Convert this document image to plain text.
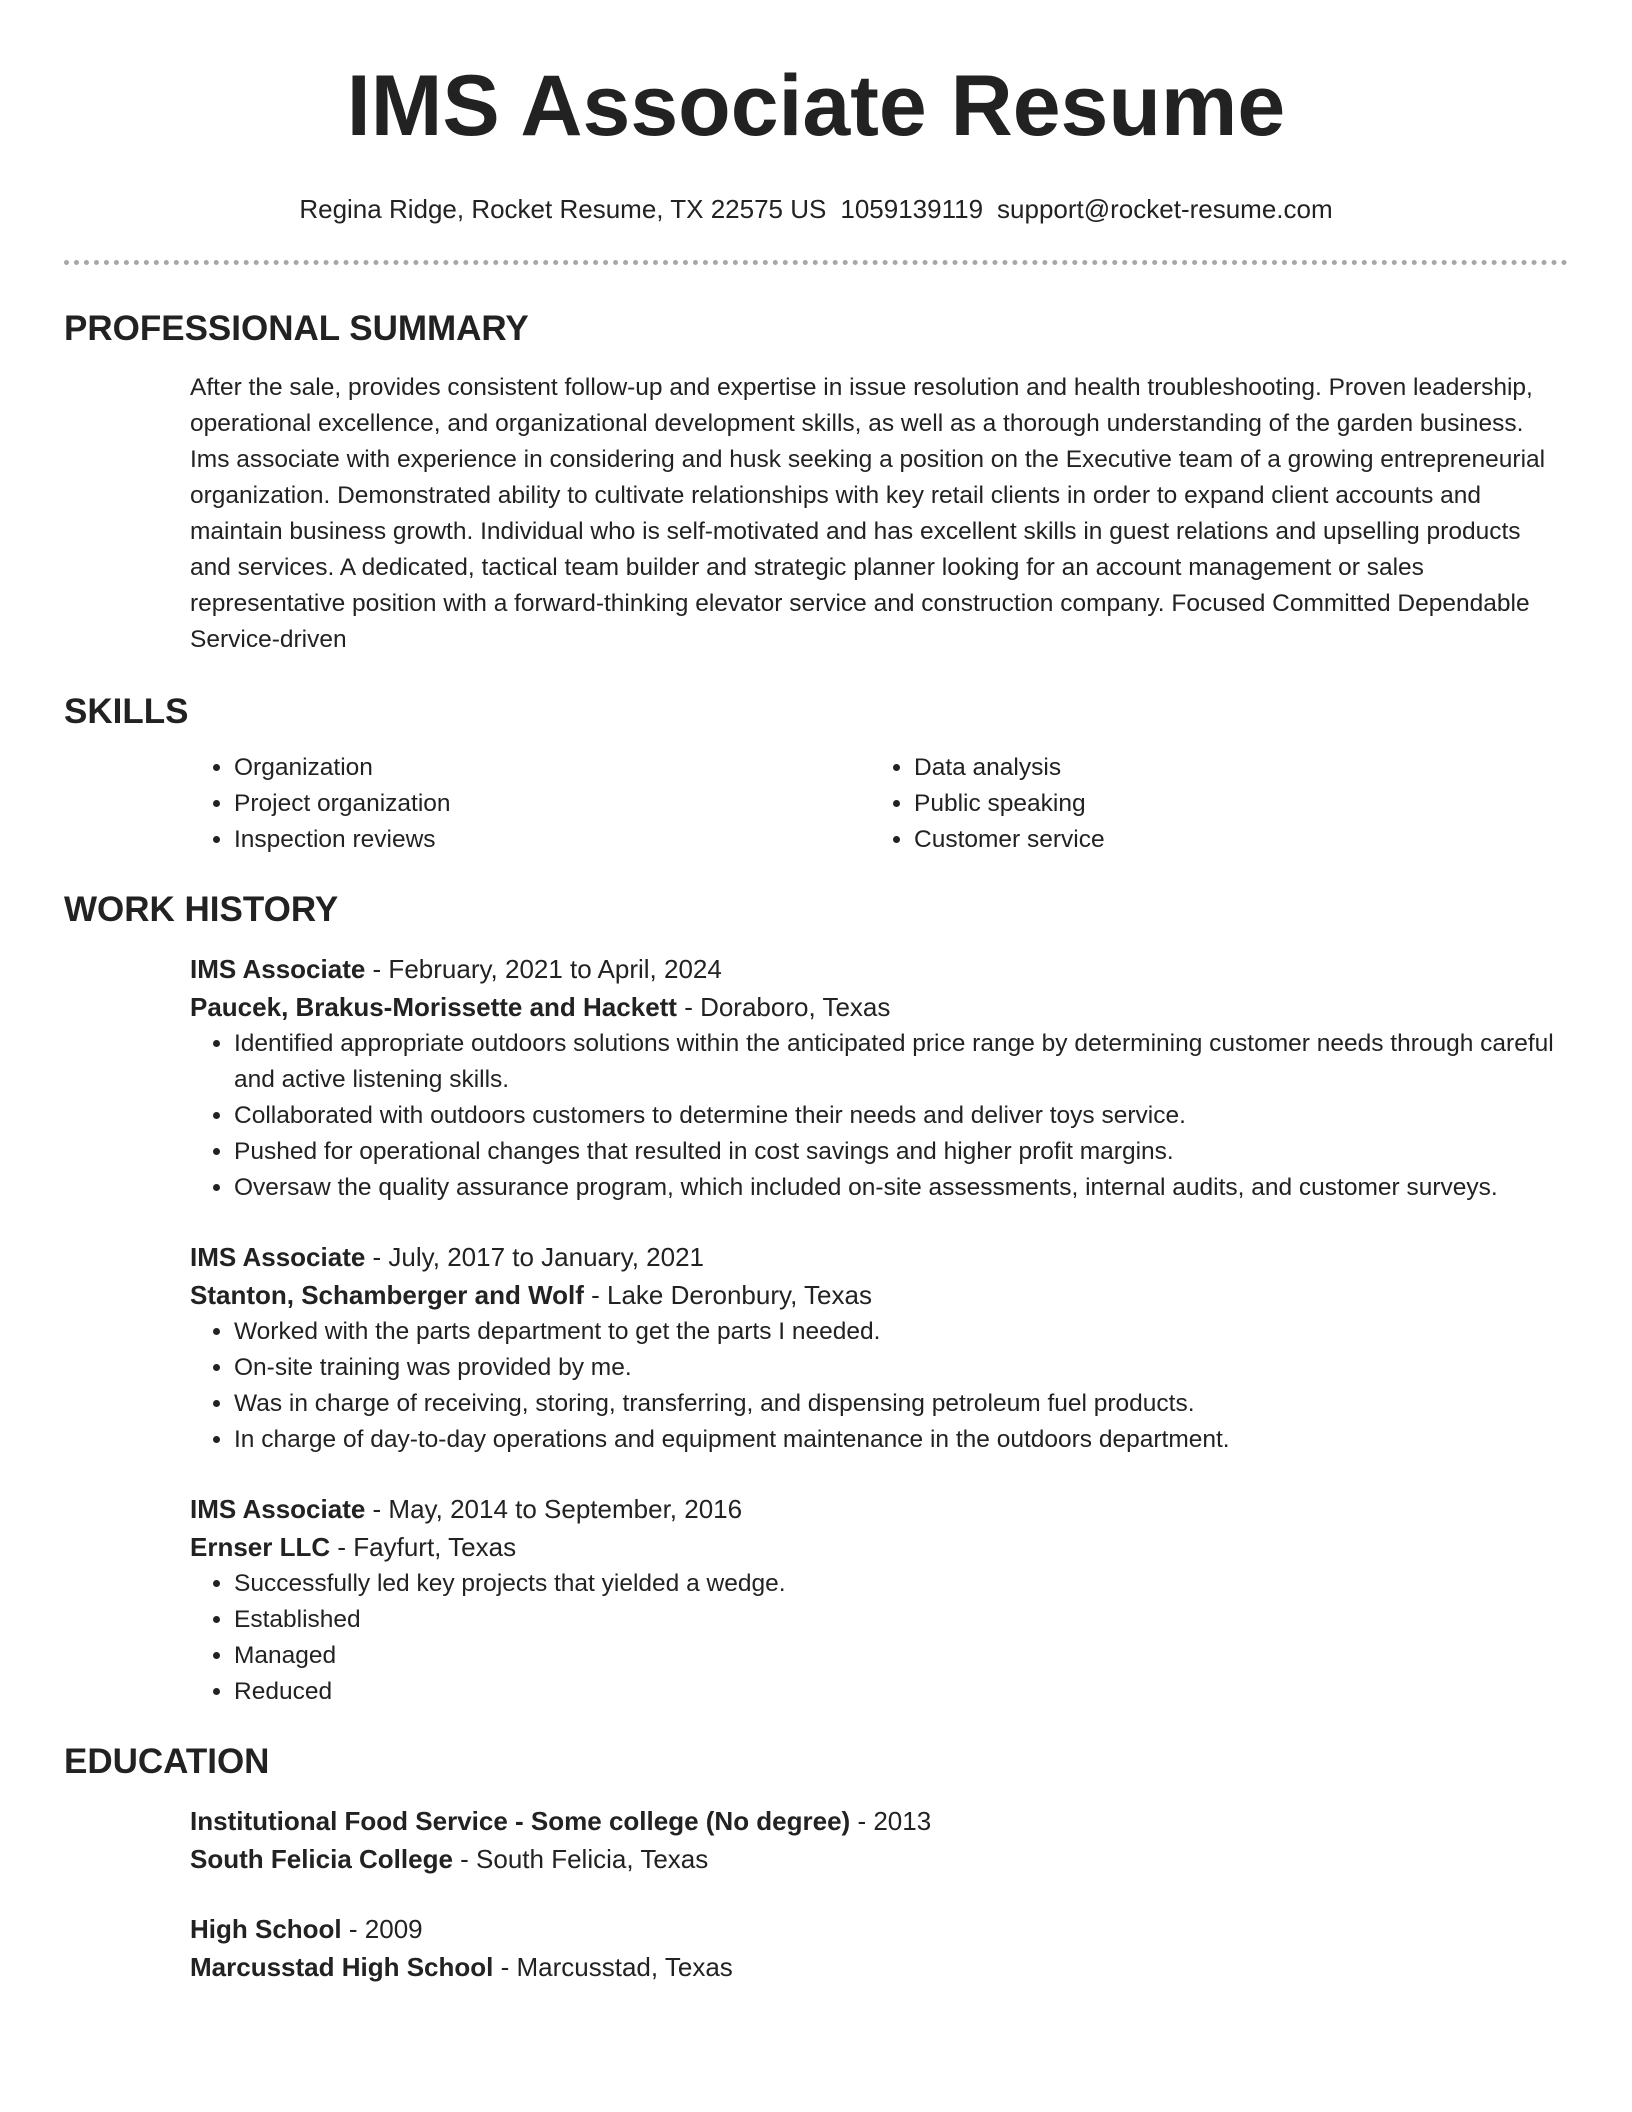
IMS Associate Resume
Regina Ridge, Rocket Resume, TX 22575 US 1059139119 support@rocket-resume.com
PROFESSIONAL SUMMARY

After the sale, provides consistent follow-up and expertise in issue resolution and health troubleshooting. Proven leadership, operational excellence, and organizational development skills, as well as a thorough understanding of the garden business. Ims associate with experience in considering and husk seeking a position on the Executive team of a growing entrepreneurial organization. Demonstrated ability to cultivate relationships with key retail clients in order to expand client accounts and maintain business growth. Individual who is self-motivated and has excellent skills in guest relations and upselling products and services. A dedicated, tactical team builder and strategic planner looking for an account management or sales representative position with a forward-thinking elevator service and construction company. Focused Committed Dependable Service-driven

SKILLS
• Organization
• Project organization
• Inspection reviews
• Data analysis
• Public speaking
• Customer service
WORK HISTORY
IMS Associate - February, 2021 to April, 2024
Paucek, Brakus-Morissette and Hackett - Doraboro, Texas
• Identified appropriate outdoors solutions within the anticipated price range by determining customer needs through careful and active listening skills.
• Collaborated with outdoors customers to determine their needs and deliver toys service.
• Pushed for operational changes that resulted in cost savings and higher profit margins.
• Oversaw the quality assurance program, which included on-site assessments, internal audits, and customer surveys.
IMS Associate - July, 2017 to January, 2021
Stanton, Schamberger and Wolf - Lake Deronbury, Texas
• Worked with the parts department to get the parts I needed.
• On-site training was provided by me.
• Was in charge of receiving, storing, transferring, and dispensing petroleum fuel products.
• In charge of day-to-day operations and equipment maintenance in the outdoors department.
IMS Associate - May, 2014 to September, 2016
Ernser LLC - Fayfurt, Texas
• Successfully led key projects that yielded a wedge.
• Established
• Managed
• Reduced
EDUCATION
Institutional Food Service - Some college (No degree) - 2013
South Felicia College - South Felicia, Texas
High School - 2009
Marcusstad High School - Marcusstad, Texas
